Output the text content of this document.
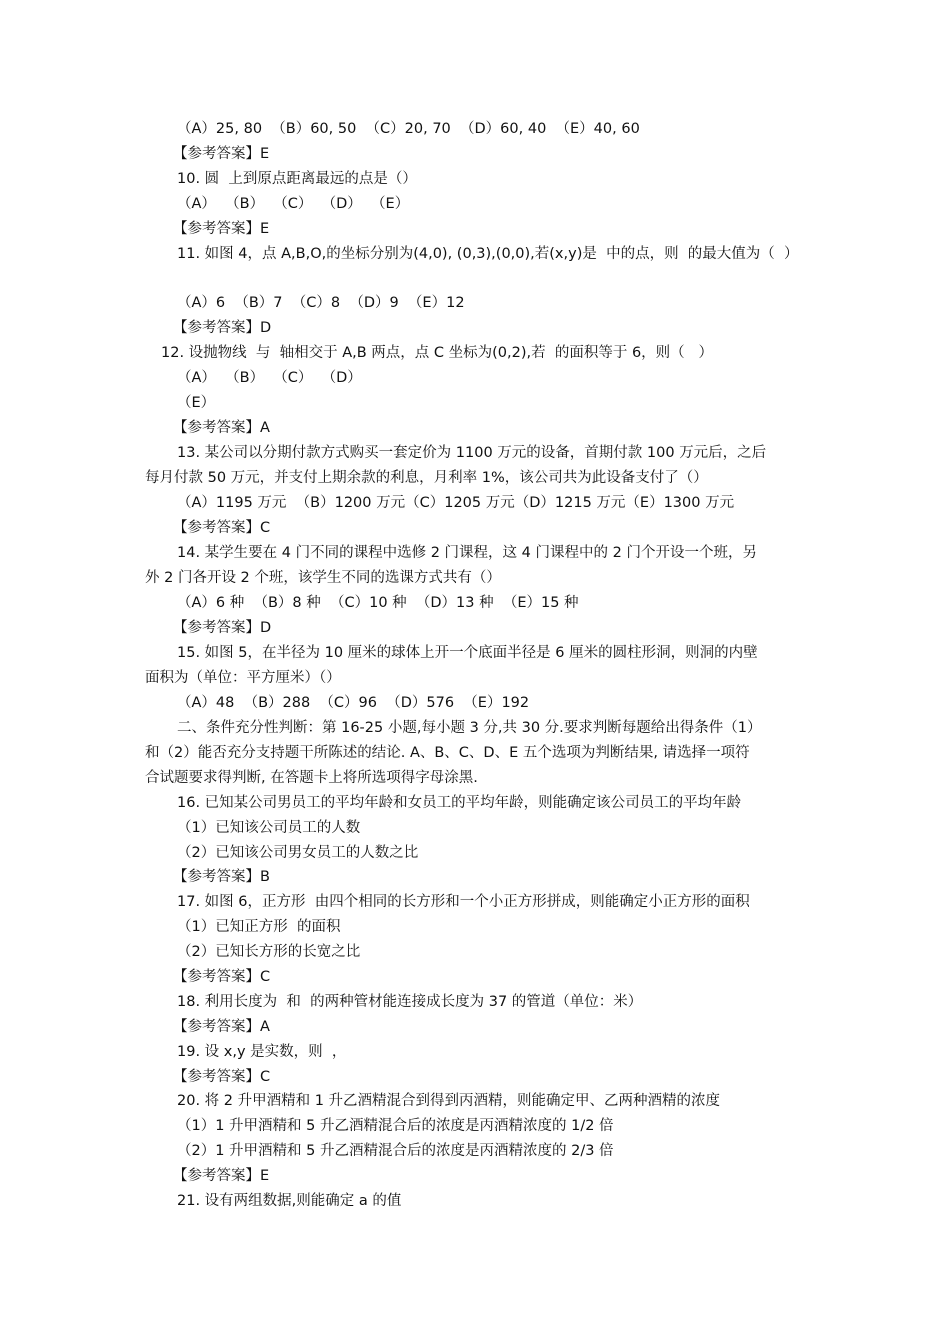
（A）25, 80  （B）60, 50  （C）20, 70  （D）60, 40  （E）40, 60
【参考答案】E
10. 圆  上到原点距离最远的点是（）
（A）  （B）  （C）  （D）  （E）
【参考答案】E
11. 如图 4，点 A,B,O,的坐标分别为(4,0), (0,3),(0,0),若(x,y)是  中的点，则  的最大值为（  ）
（A）6  （B）7  （C）8  （D）9  （E）12
【参考答案】D
12. 设抛物线  与  轴相交于 A,B 两点，点 C 坐标为(0,2),若  的面积等于 6，则（   ）
（A）  （B）  （C）  （D）
（E）
【参考答案】A
13. 某公司以分期付款方式购买一套定价为 1100 万元的设备，首期付款 100 万元后，之后
每月付款 50 万元，并支付上期余款的利息，月利率 1%，该公司共为此设备支付了（）
（A）1195 万元  （B）1200 万元（C）1205 万元（D）1215 万元（E）1300 万元
【参考答案】C
14. 某学生要在 4 门不同的课程中选修 2 门课程，这 4 门课程中的 2 门个开设一个班，另
外 2 门各开设 2 个班，该学生不同的选课方式共有（）
（A）6 种  （B）8 种  （C）10 种  （D）13 种  （E）15 种
【参考答案】D
15. 如图 5，在半径为 10 厘米的球体上开一个底面半径是 6 厘米的圆柱形洞，则洞的内壁
面积为（单位：平方厘米）（）
（A）48  （B）288  （C）96  （D）576  （E）192
二、条件充分性判断：第 16-25 小题,每小题 3 分,共 30 分.要求判断每题给出得条件（1）
和（2）能否充分支持题干所陈述的结论. A、B、C、D、E 五个选项为判断结果, 请选择一项符
合试题要求得判断, 在答题卡上将所选项得字母涂黑.
16. 已知某公司男员工的平均年龄和女员工的平均年龄，则能确定该公司员工的平均年龄
（1）已知该公司员工的人数
（2）已知该公司男女员工的人数之比
【参考答案】B
17. 如图 6，正方形  由四个相同的长方形和一个小正方形拼成，则能确定小正方形的面积
（1）已知正方形  的面积
（2）已知长方形的长宽之比
【参考答案】C
18. 利用长度为  和  的两种管材能连接成长度为 37 的管道（单位：米）
【参考答案】A
19. 设 x,y 是实数，则  ，
【参考答案】C
20. 将 2 升甲酒精和 1 升乙酒精混合到得到丙酒精，则能确定甲、乙两种酒精的浓度
（1）1 升甲酒精和 5 升乙酒精混合后的浓度是丙酒精浓度的 1/2 倍
（2）1 升甲酒精和 5 升乙酒精混合后的浓度是丙酒精浓度的 2/3 倍
【参考答案】E
21. 设有两组数据,则能确定 a 的值
